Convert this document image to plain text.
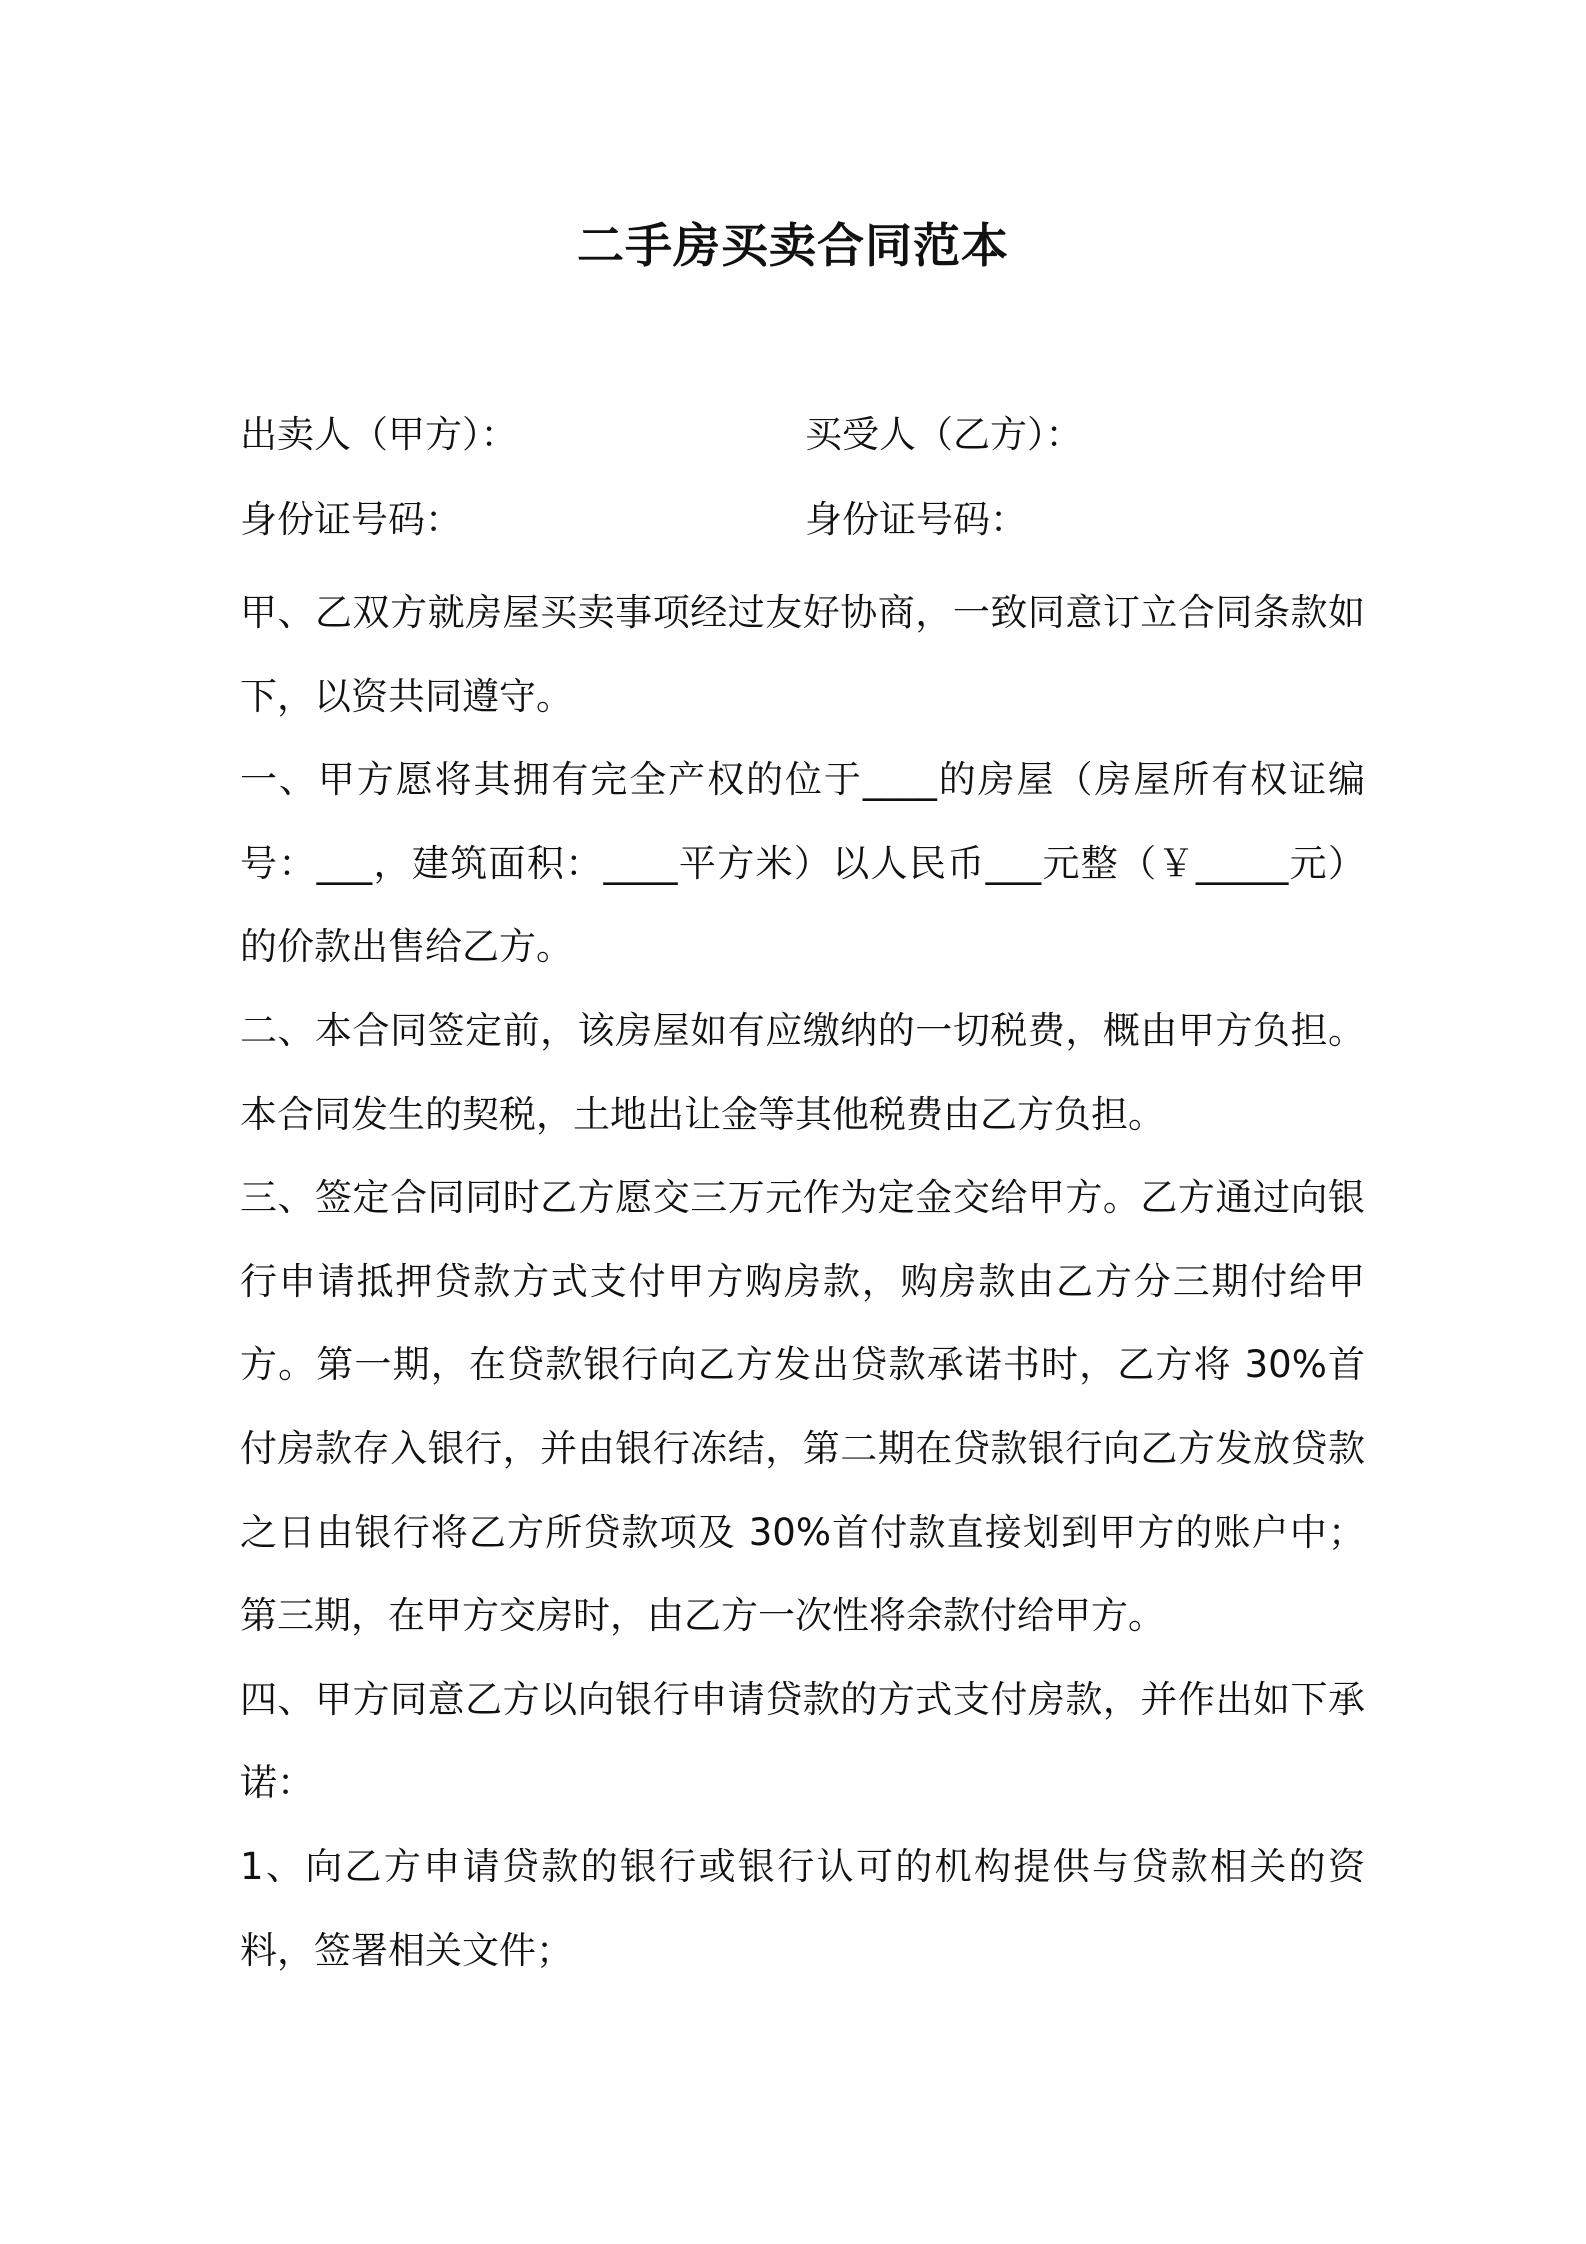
二手房买卖合同范本
出卖人（甲方）：	买受人（乙方）：
身份证号码：	身份证号码：

甲、乙双方就房屋买卖事项经过友好协商，一致同意订立合同条款如下，以资共同遵守。

一、甲方愿将其拥有完全产权的位于____的房屋（房屋所有权证编号：___，建筑面积：____平方米）以人民币___元整（￥_____元）的价款出售给乙方。

二、本合同签定前，该房屋如有应缴纳的一切税费，概由甲方负担。本合同发生的契税，土地出让金等其他税费由乙方负担。

三、签定合同同时乙方愿交三万元作为定金交给甲方。乙方通过向银行申请抵押贷款方式支付甲方购房款，购房款由乙方分三期付给甲方。第一期，在贷款银行向乙方发出贷款承诺书时，乙方将 30%首付房款存入银行，并由银行冻结，第二期在贷款银行向乙方发放贷款之日由银行将乙方所贷款项及 30%首付款直接划到甲方的账户中；第三期，在甲方交房时，由乙方一次性将余款付给甲方。

四、甲方同意乙方以向银行申请贷款的方式支付房款，并作出如下承诺：

1、向乙方申请贷款的银行或银行认可的机构提供与贷款相关的资料，签署相关文件；
